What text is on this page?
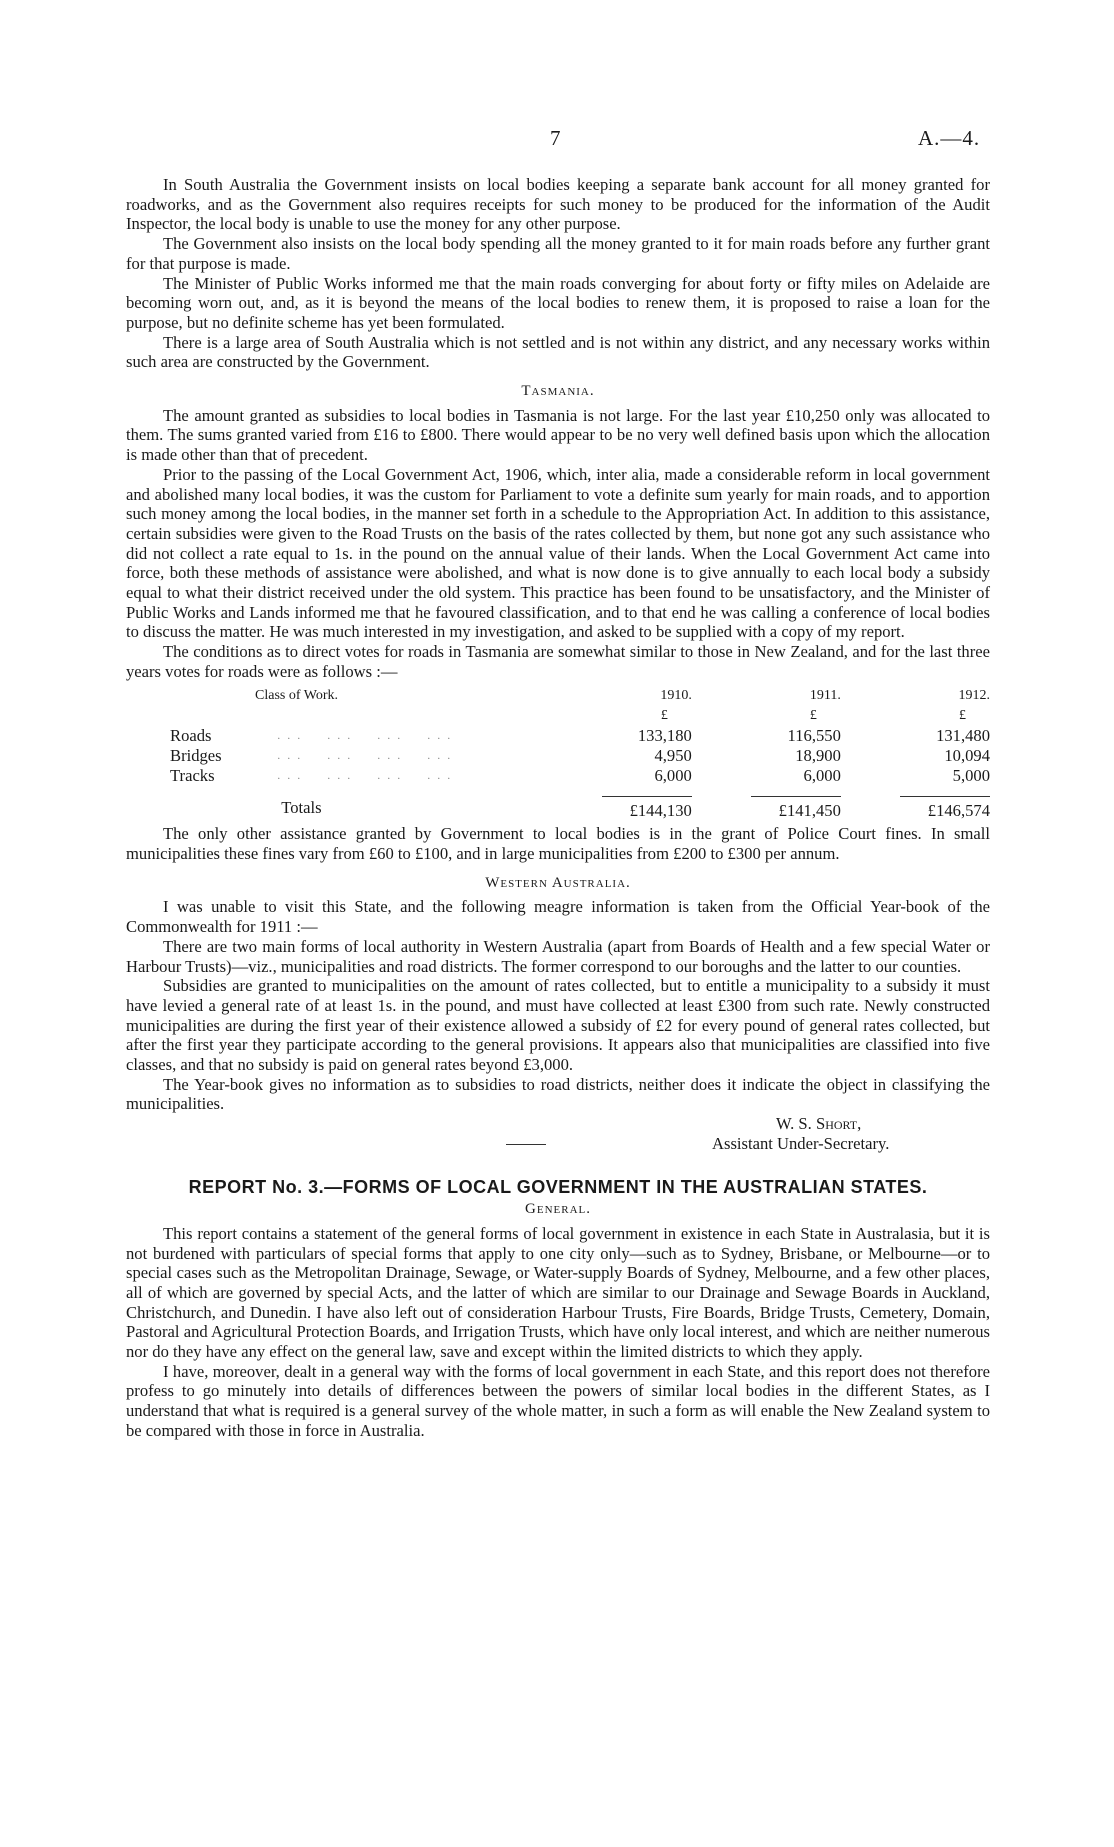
7	A.—4.

In South Australia the Government insists on local bodies keeping a separate bank account for all money granted for roadworks, and as the Government also requires receipts for such money to be produced for the information of the Audit Inspector, the local body is unable to use the money for any other purpose.

The Government also insists on the local body spending all the money granted to it for main roads before any further grant for that purpose is made.

The Minister of Public Works informed me that the main roads converging for about forty or fifty miles on Adelaide are becoming worn out, and, as it is beyond the means of the local bodies to renew them, it is proposed to raise a loan for the purpose, but no definite scheme has yet been formulated.

There is a large area of South Australia which is not settled and is not within any district, and any necessary works within such area are constructed by the Government.

Tasmania.

The amount granted as subsidies to local bodies in Tasmania is not large. For the last year £10,250 only was allocated to them. The sums granted varied from £16 to £800. There would appear to be no very well defined basis upon which the allocation is made other than that of precedent.

Prior to the passing of the Local Government Act, 1906, which, inter alia, made a considerable reform in local government and abolished many local bodies, it was the custom for Parliament to vote a definite sum yearly for main roads, and to apportion such money among the local bodies, in the manner set forth in a schedule to the Appropriation Act. In addition to this assistance, certain subsidies were given to the Road Trusts on the basis of the rates collected by them, but none got any such assistance who did not collect a rate equal to 1s. in the pound on the annual value of their lands. When the Local Government Act came into force, both these methods of assistance were abolished, and what is now done is to give annually to each local body a subsidy equal to what their district received under the old system. This practice has been found to be unsatisfactory, and the Minister of Public Works and Lands informed me that he favoured classification, and to that end he was calling a conference of local bodies to discuss the matter. He was much interested in my investigation, and asked to be supplied with a copy of my report.

The conditions as to direct votes for roads in Tasmania are somewhat similar to those in New Zealand, and for the last three years votes for roads were as follows :—

Class of Work.		1910.	1911.	1912.
		£	£	£
Roads	. . .     . . .     . . .     . . .	133,180	116,550	131,480
Bridges	. . .     . . .     . . .     . . .	4,950	18,900	10,094
Tracks	. . .     . . .     . . .     . . .	6,000	6,000	5,000
	Totals	£144,130	£141,450	£146,574

The only other assistance granted by Government to local bodies is in the grant of Police Court fines. In small municipalities these fines vary from £60 to £100, and in large municipalities from £200 to £300 per annum.

Western Australia.

I was unable to visit this State, and the following meagre information is taken from the Official Year-book of the Commonwealth for 1911 :—

There are two main forms of local authority in Western Australia (apart from Boards of Health and a few special Water or Harbour Trusts)—viz., municipalities and road districts. The former correspond to our boroughs and the latter to our counties.

Subsidies are granted to municipalities on the amount of rates collected, but to entitle a municipality to a subsidy it must have levied a general rate of at least 1s. in the pound, and must have collected at least £300 from such rate. Newly constructed municipalities are during the first year of their existence allowed a subsidy of £2 for every pound of general rates collected, but after the first year they participate according to the general provisions. It appears also that municipalities are classified into five classes, and that no subsidy is paid on general rates beyond £3,000.

The Year-book gives no information as to subsidies to road districts, neither does it indicate the object in classifying the municipalities.

W. S. Short,
Assistant Under-Secretary.
REPORT No. 3.—FORMS OF LOCAL GOVERNMENT IN THE AUSTRALIAN STATES.
General.

This report contains a statement of the general forms of local government in existence in each State in Australasia, but it is not burdened with particulars of special forms that apply to one city only—such as to Sydney, Brisbane, or Melbourne—or to special cases such as the Metropolitan Drainage, Sewage, or Water-supply Boards of Sydney, Melbourne, and a few other places, all of which are governed by special Acts, and the latter of which are similar to our Drainage and Sewage Boards in Auckland, Christchurch, and Dunedin. I have also left out of consideration Harbour Trusts, Fire Boards, Bridge Trusts, Cemetery, Domain, Pastoral and Agricultural Protection Boards, and Irrigation Trusts, which have only local interest, and which are neither numerous nor do they have any effect on the general law, save and except within the limited districts to which they apply.

I have, moreover, dealt in a general way with the forms of local government in each State, and this report does not therefore profess to go minutely into details of differences between the powers of similar local bodies in the different States, as I understand that what is required is a general survey of the whole matter, in such a form as will enable the New Zealand system to be compared with those in force in Australia.
